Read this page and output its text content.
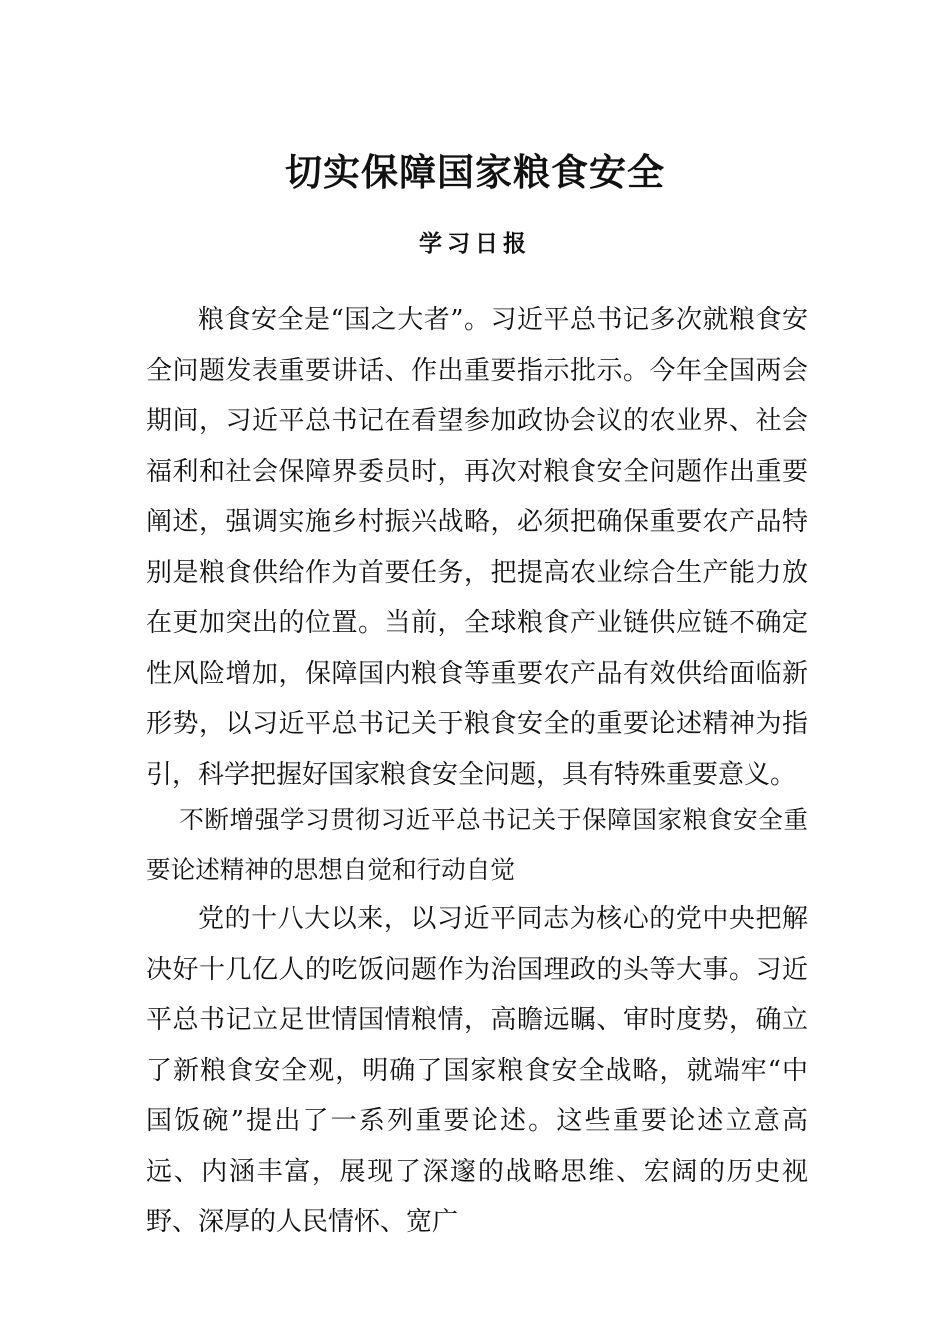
切实保障国家粮食安全
学习日报

粮食安全是“国之大者”。习近平总书记多次就粮食安全问题发表重要讲话、作出重要指示批示。今年全国两会期间，习近平总书记在看望参加政协会议的农业界、社会福利和社会保障界委员时，再次对粮食安全问题作出重要阐述，强调实施乡村振兴战略，必须把确保重要农产品特别是粮食供给作为首要任务，把提高农业综合生产能力放在更加突出的位置。当前，全球粮食产业链供应链不确定性风险增加，保障国内粮食等重要农产品有效供给面临新形势，以习近平总书记关于粮食安全的重要论述精神为指引，科学把握好国家粮食安全问题，具有特殊重要意义。

不断增强学习贯彻习近平总书记关于保障国家粮食安全重要论述精神的思想自觉和行动自觉

党的十八大以来，以习近平同志为核心的党中央把解决好十几亿人的吃饭问题作为治国理政的头等大事。习近平总书记立足世情国情粮情，高瞻远瞩、审时度势，确立了新粮食安全观，明确了国家粮食安全战略，就端牢“中国饭碗”提出了一系列重要论述。这些重要论述立意高远、内涵丰富，展现了深邃的战略思维、宏阔的历史视野、深厚的人民情怀、宽广
